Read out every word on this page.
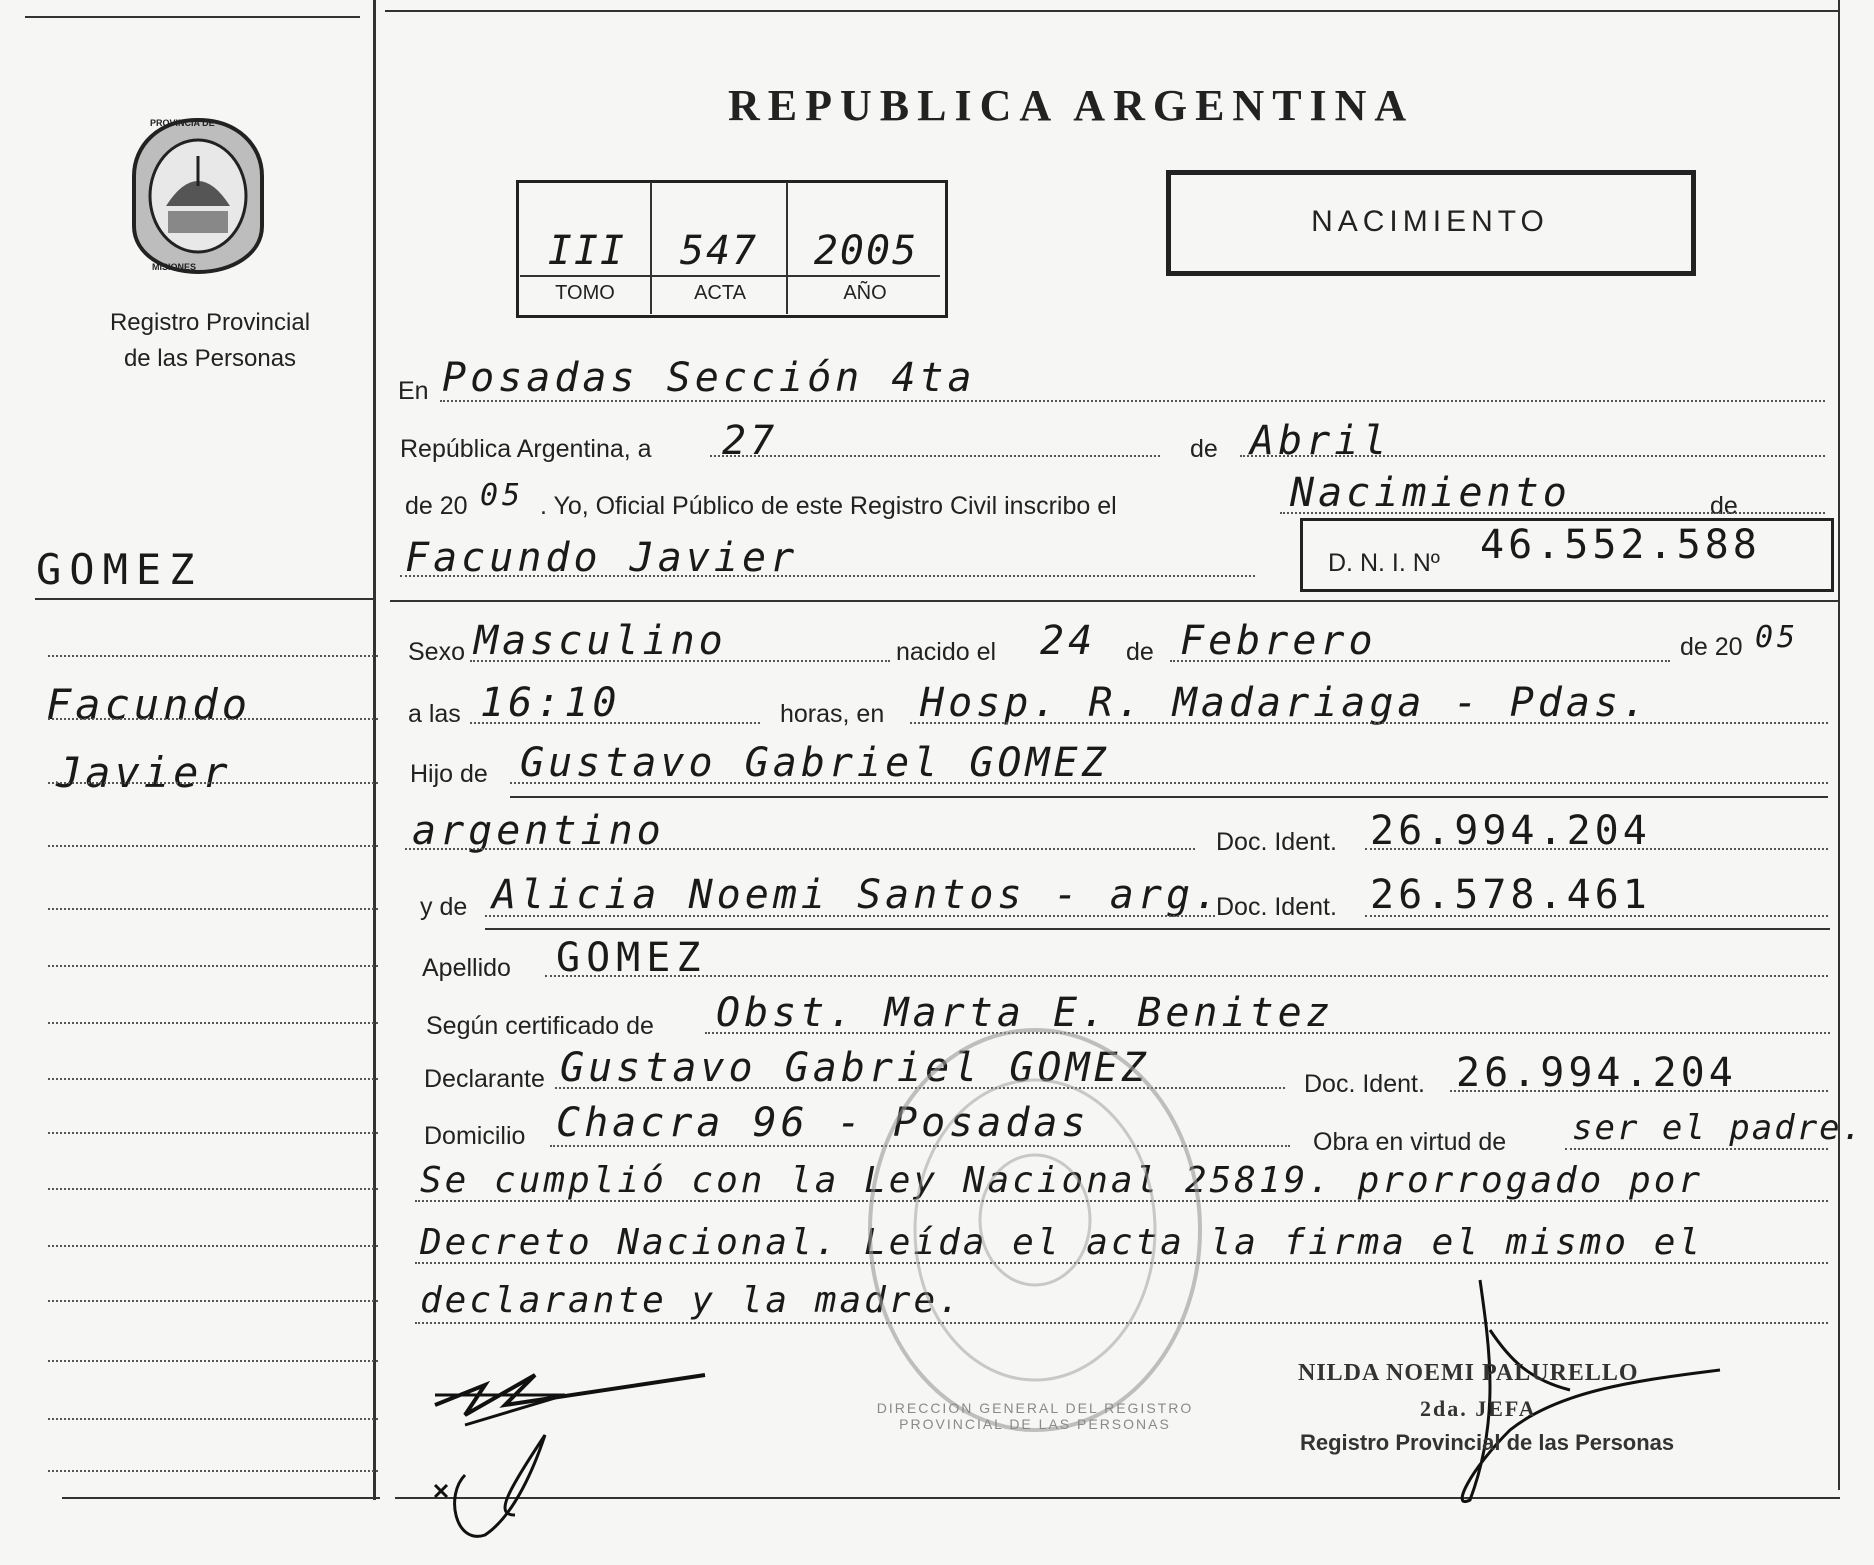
PROVINCIA DE
MISIONES
Registro Provincial
de las Personas
GOMEZ
Facundo
Javier
REPUBLICA ARGENTINA
III	547	2005
TOMO	ACTA	AÑO
NACIMIENTO
En Posadas Sección 4ta
República Argentina, a 27	de Abril
de 20 05 . Yo, Oficial Público de este Registro Civil inscribo el	Nacimiento	de
Facundo Javier	D. N. I. Nº 46.552.588
Sexo Masculino	nacido el 24 de Febrero	de 20 05
a las 16:10	horas, en Hosp. R. Madariaga - Pdas.
Hijo de Gustavo Gabriel GOMEZ
argentino	Doc. Ident. 26.994.204
y de Alicia Noemi Santos - arg.
Doc. Ident. 26.578.461
Apellido GOMEZ
Según certificado de Obst. Marta E. Benitez
Declarante Gustavo Gabriel GOMEZ	Doc. Ident. 26.994.204
Domicilio Chacra 96 - Posadas	Obra en virtud de ser el padre.
Se cumplió con la Ley Nacional 25819. prorrogado por
Decreto Nacional. Leída el acta la firma el mismo el
declarante y la madre.
DIRECCION GENERAL DEL REGISTRO PROVINCIAL DE LAS PERSONAS
NILDA NOEMI PALURELLO
2da. JEFA
Registro Provincial de las Personas
